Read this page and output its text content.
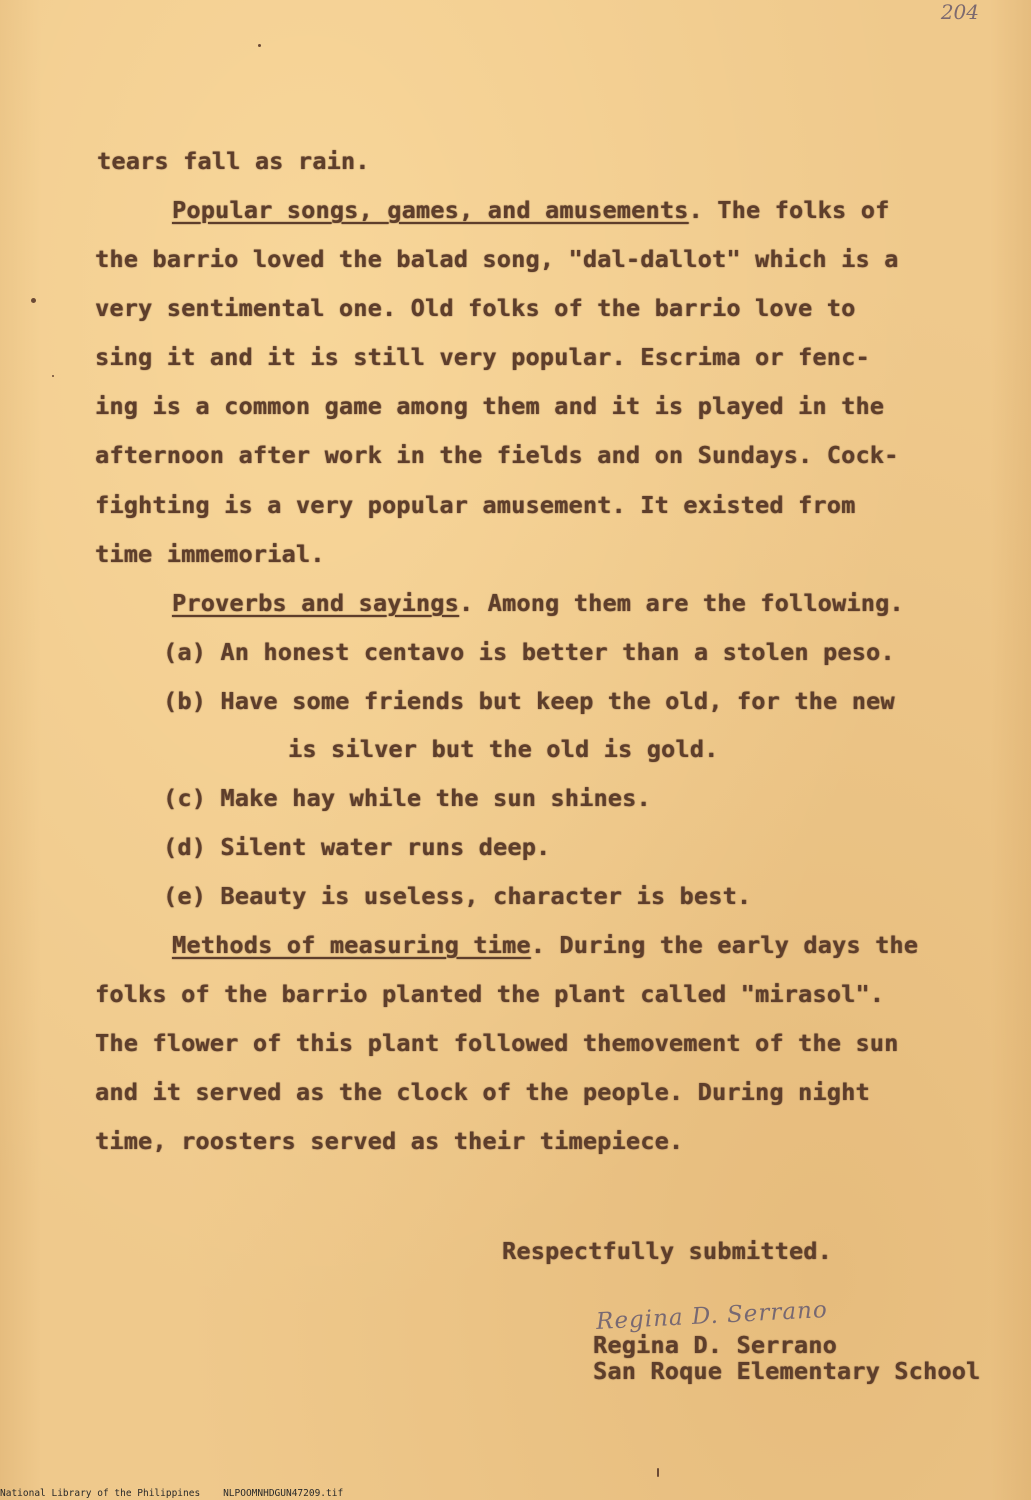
204
tears fall as rain.
Popular songs, games, and amusements. The folks of
the barrio loved the balad song, "dal-dallot" which is a
very sentimental one. Old folks of the barrio love to
sing it and it is still very popular. Escrima or fenc-
ing is a common game among them and it is played in the
afternoon after work in the fields and on Sundays. Cock-
fighting is a very popular amusement. It existed from
time immemorial.
Proverbs and sayings. Among them are the following.
(a) An honest centavo is better than a stolen peso.
(b) Have some friends but keep the old, for the new
is silver but the old is gold.
(c) Make hay while the sun shines.
(d) Silent water runs deep.
(e) Beauty is useless, character is best.
Methods of measuring time. During the early days the
folks of the barrio planted the plant called "mirasol".
The flower of this plant followed themovement of the sun
and it served as the clock of the people. During night
time, roosters served as their timepiece.
Respectfully submitted.
Regina D. Serrano
Regina D. Serrano
San Roque Elementary School
National Library of the Philippines NLPOOMNHDGUN47209.tif
